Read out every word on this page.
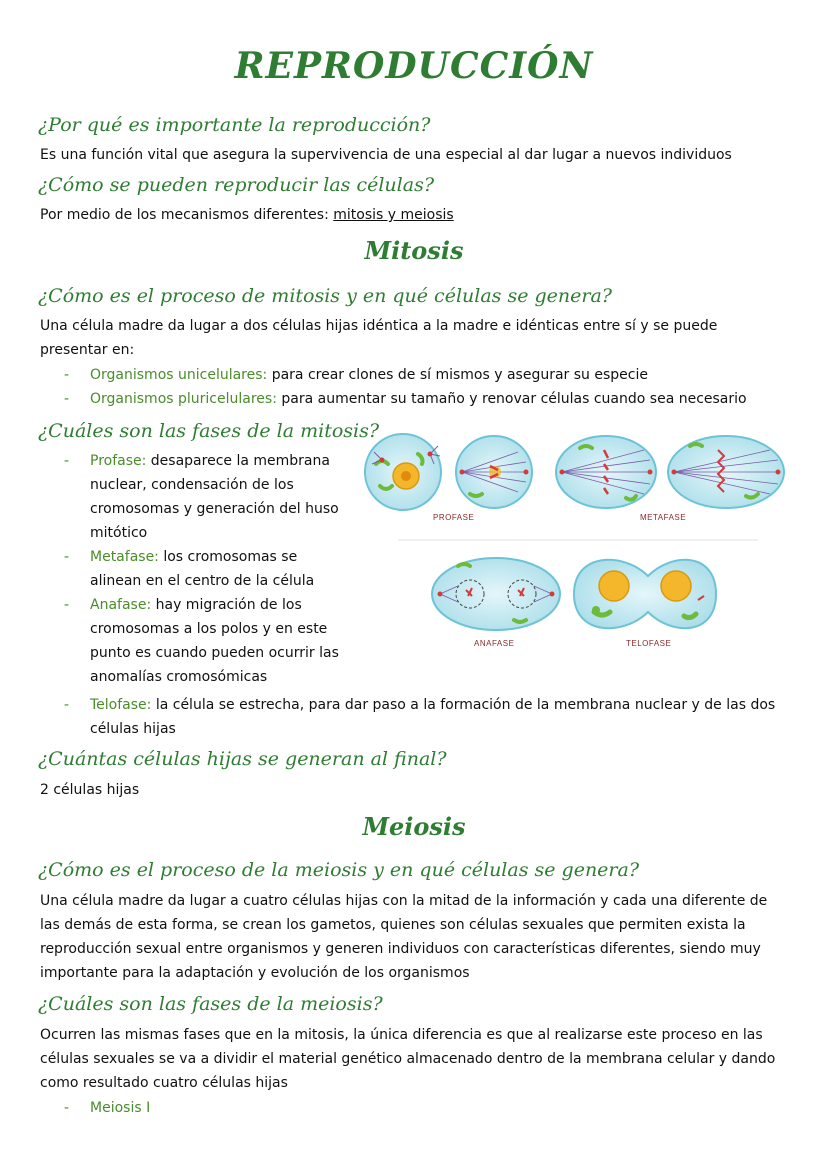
REPRODUCCIÓN
¿Por qué es importante la reproducción?

Es una función vital que asegura la supervivencia de una especial al dar lugar a nuevos individuos

¿Cómo se pueden reproducir las células?

Por medio de los mecanismos diferentes: mitosis y meiosis

Mitosis
¿Cómo es el proceso de mitosis y en qué células se genera?

Una célula madre da lugar a dos células hijas idéntica a la madre e idénticas entre sí y se puede presentar en:

- Organismos unicelulares: para crear clones de sí mismos y asegurar su especie
- Organismos pluricelulares: para aumentar su tamaño y renovar células cuando sea necesario
¿Cuáles son las fases de la mitosis?
- Profase: desaparece la membrana nuclear, condensación de los cromosomas y generación del huso mitótico
- Metafase: los cromosomas se alinean en el centro de la célula
- Anafase: hay migración de los cromosomas a los polos y en este punto es cuando pueden ocurrir las anomalías cromosómicas
- Telofase: la célula se estrecha, para dar paso a la formación de la membrana nuclear y de las dos células hijas
PROFASE	METAFASE
ANAFASE	TELOFASE
¿Cuántas células hijas se generan al final?

2 células hijas

Meiosis
¿Cómo es el proceso de la meiosis y en qué células se genera?

Una célula madre da lugar a cuatro células hijas con la mitad de la información y cada una diferente de las demás de esta forma, se crean los gametos, quienes son células sexuales que permiten exista la reproducción sexual entre organismos y generen individuos con características diferentes, siendo muy importante para la adaptación y evolución de los organismos

¿Cuáles son las fases de la meiosis?

Ocurren las mismas fases que en la mitosis, la única diferencia es que al realizarse este proceso en las células sexuales se va a dividir el material genético almacenado dentro de la membrana celular y dando como resultado cuatro células hijas

- Meiosis I
